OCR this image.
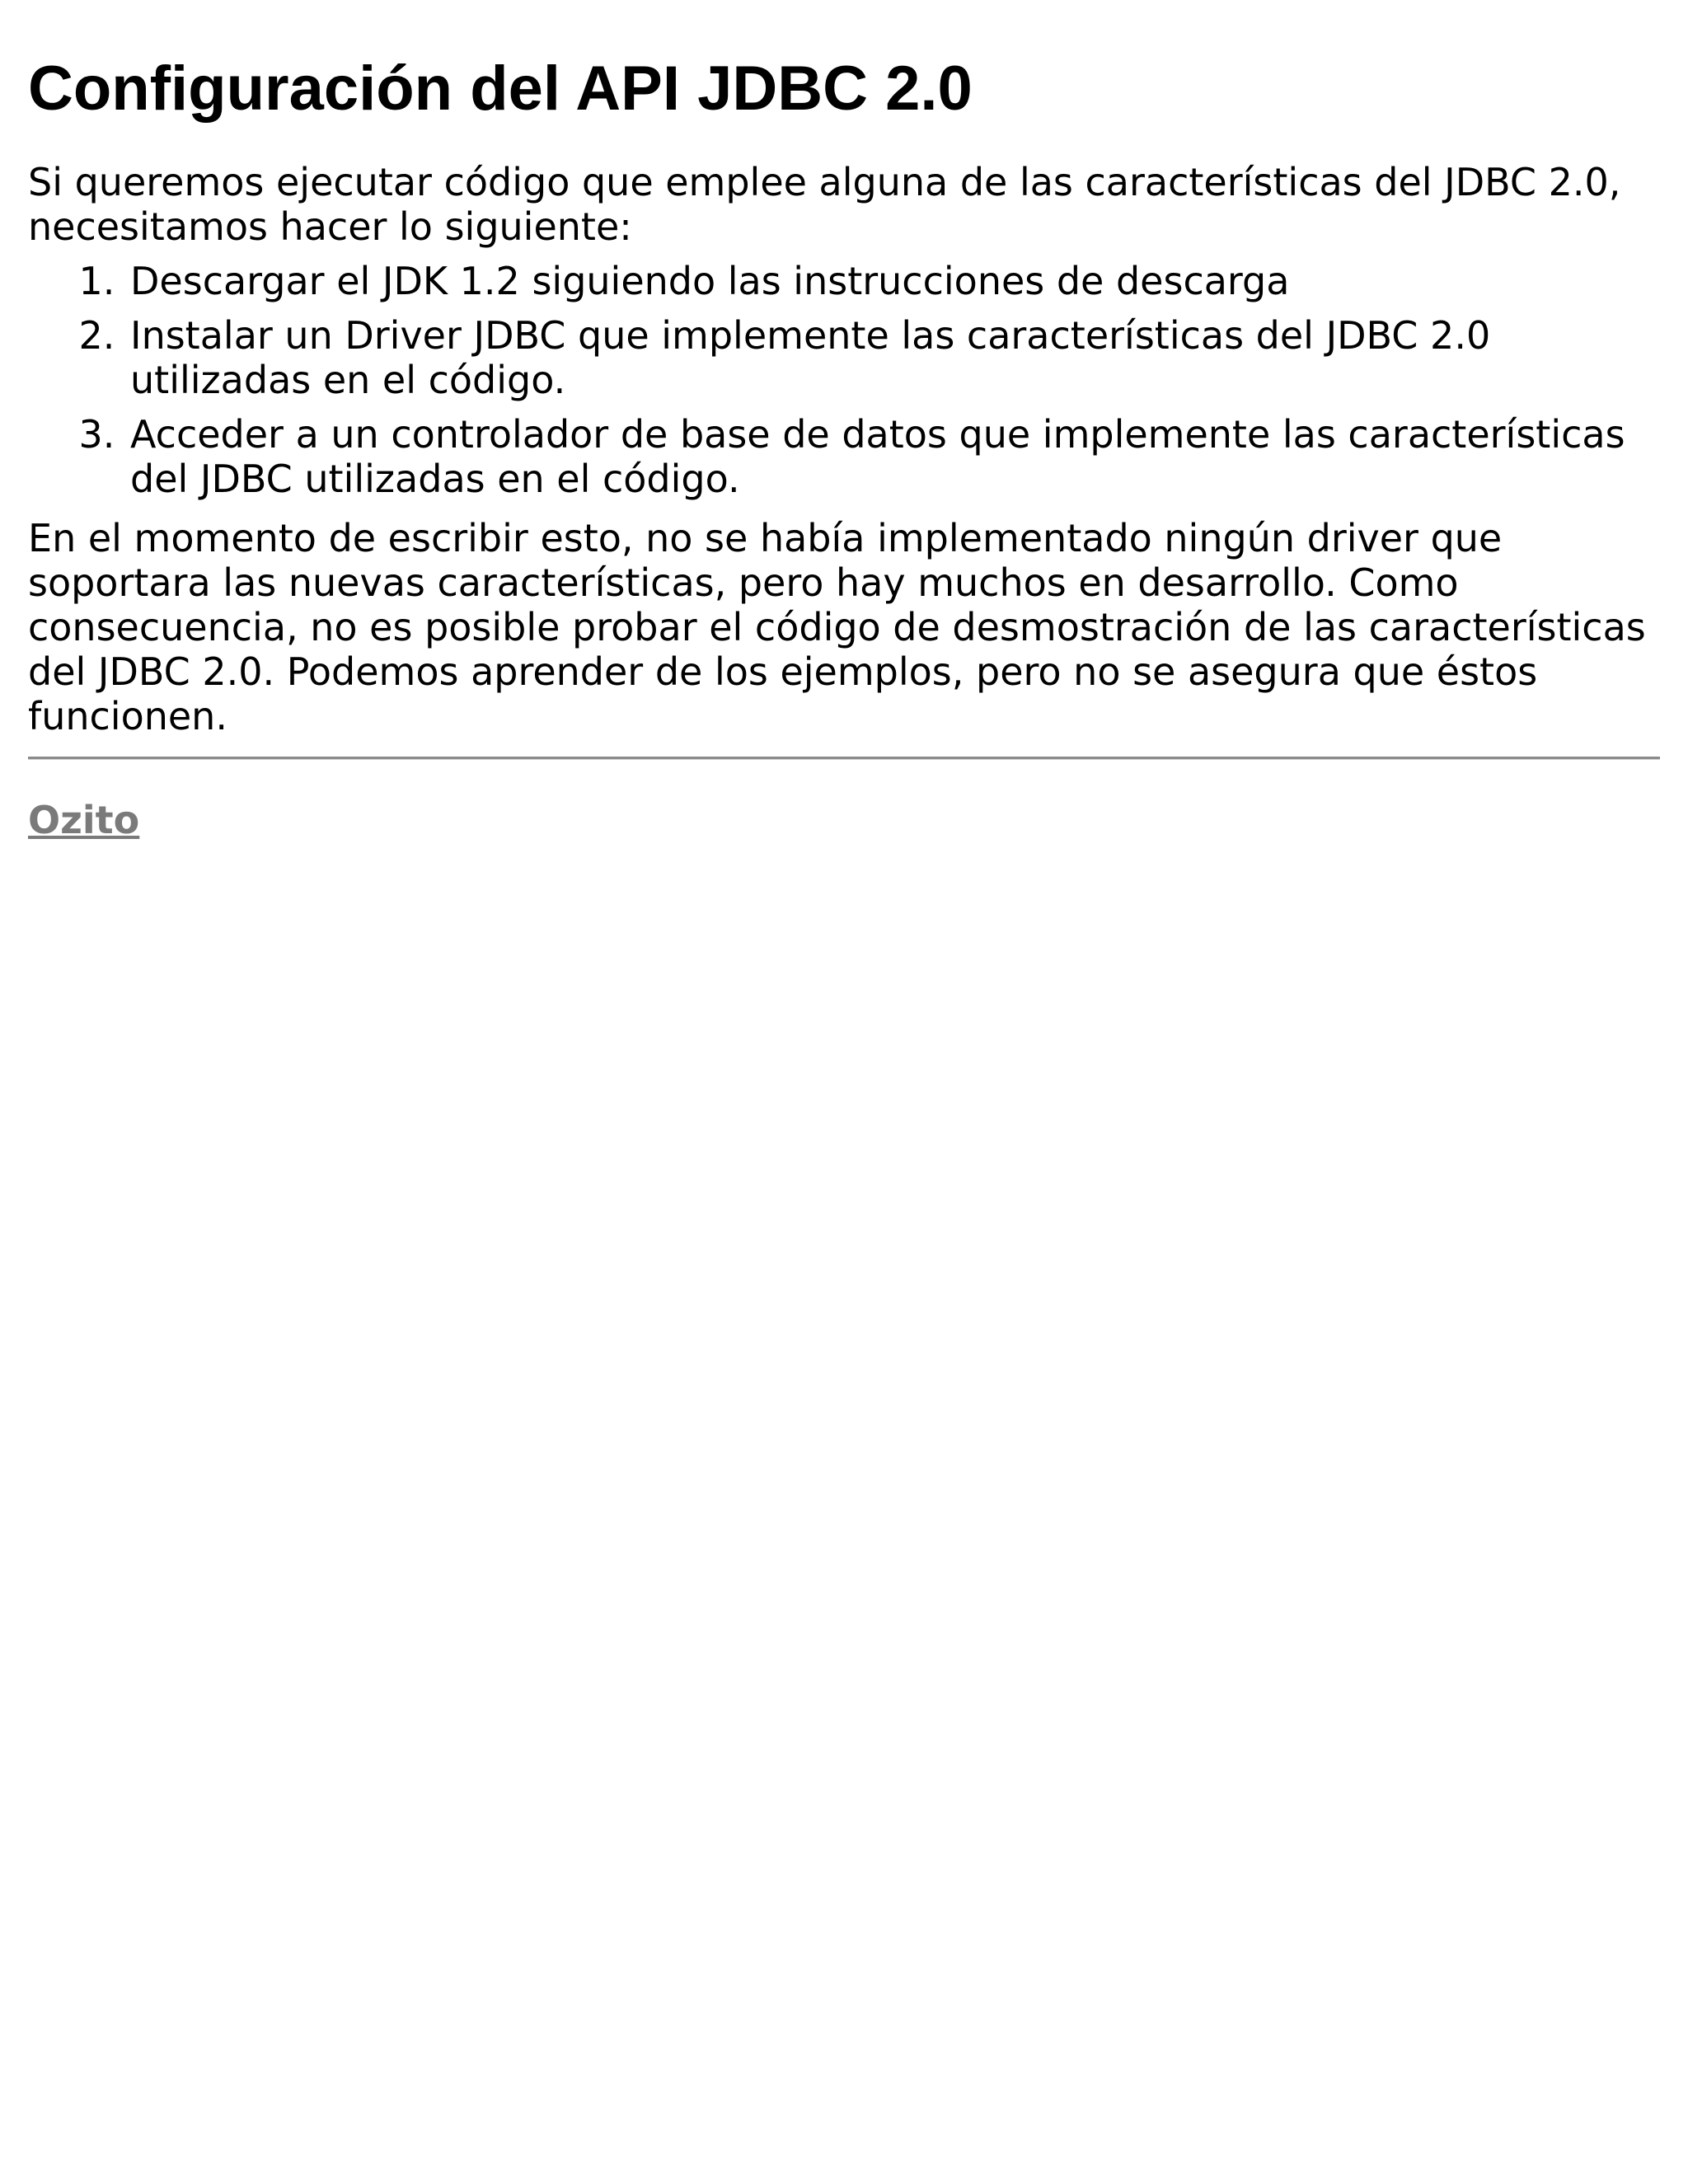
Configuración del API JDBC 2.0

Si queremos ejecutar código que emplee alguna de las características del JDBC 2.0, necesitamos hacer lo siguiente:

1. Descargar el JDK 1.2 siguiendo las instrucciones de descarga
2. Instalar un Driver JDBC que implemente las características del JDBC 2.0 utilizadas en el código.
3. Acceder a un controlador de base de datos que implemente las características del JDBC utilizadas en el código.

En el momento de escribir esto, no se había implementado ningún driver que soportara las nuevas características, pero hay muchos en desarrollo. Como consecuencia, no es posible probar el código de desmostración de las características del JDBC 2.0. Podemos aprender de los ejemplos, pero no se asegura que éstos funcionen.

Ozito
